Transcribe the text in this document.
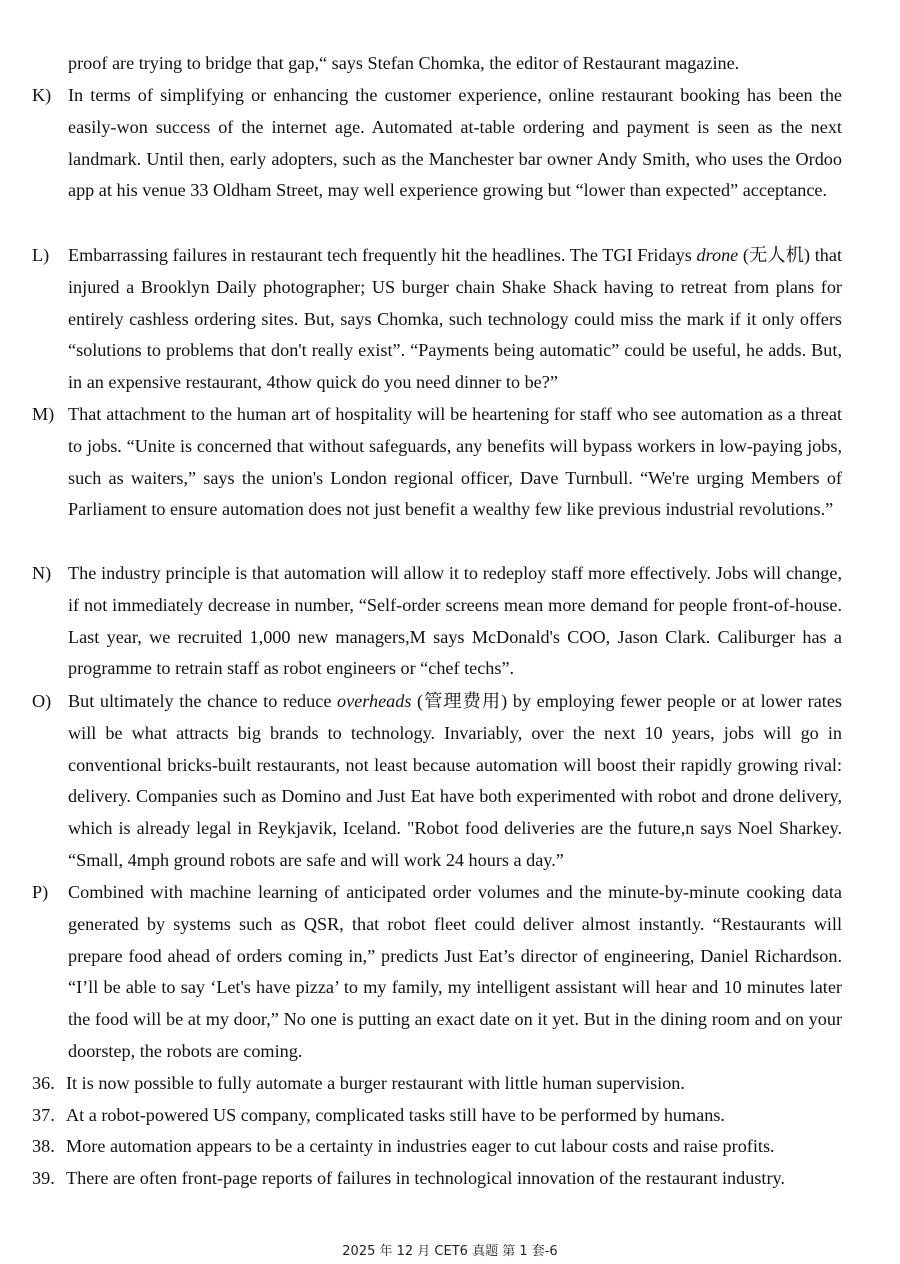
proof are trying to bridge that gap,“ says Stefan Chomka, the editor of Restaurant magazine.
K) In terms of simplifying or enhancing the customer experience, online restaurant booking has been the easily-won success of the internet age. Automated at-table ordering and payment is seen as the next landmark. Until then, early adopters, such as the Manchester bar owner Andy Smith, who uses the Ordoo app at his venue 33 Oldham Street, may well experience growing but “lower than expected” acceptance.
L)	Embarrassing failures in restaurant tech frequently hit the headlines. The TGI Fridays drone (无人机) that injured a Brooklyn Daily photographer; US burger chain Shake Shack having to retreat from plans for entirely cashless ordering sites. But, says Chomka, such technology could miss the mark if it only offers “solutions to problems that don't really exist”. “Payments being automatic” could be useful, he adds. But, in an expensive restaurant, 4thow quick do you need dinner to be?”
M) That attachment to the human art of hospitality will be heartening for staff who see automation as a threat to jobs. “Unite is concerned that without safeguards, any benefits will bypass workers in low-paying jobs, such as waiters,” says the union's London regional officer, Dave Turnbull. “We're urging Members of Parliament to ensure automation does not just benefit a wealthy few like previous industrial revolutions.”
N) The industry principle is that automation will allow it to redeploy staff more effectively. Jobs will change, if not immediately decrease in number, “Self-order screens mean more demand for people front-of-house. Last year, we recruited 1,000 new managers,M says McDonald's COO, Jason Clark. Caliburger has a programme to retrain staff as robot engineers or “chef techs”.
O) But ultimately the chance to reduce overheads (管理费用) by employing fewer people or at lower rates will be what attracts big brands to technology. Invariably, over the next 10 years, jobs will go in conventional bricks-built restaurants, not least because automation will boost their rapidly growing rival: delivery. Companies such as Domino and Just Eat have both experimented with robot and drone delivery, which is already legal in Reykjavik, Iceland. "Robot food deliveries are the future,n says Noel Sharkey. “Small, 4mph ground robots are safe and will work 24 hours a day.”
P)	Combined with machine learning of anticipated order volumes and the minute-by-minute cooking data generated by systems such as QSR, that robot fleet could deliver almost instantly. “Restaurants will prepare food ahead of orders coming in,” predicts Just Eat’s director of engineering, Daniel Richardson. “I’ll be able to say ‘Let's have pizza’ to my family, my intelligent assistant will hear and 10 minutes later the food will be at my door,” No one is putting an exact date on it yet. But in the dining room and on your doorstep, the robots are coming.
36. It is now possible to fully automate a burger restaurant with little human supervision.
37. At a robot-powered US company, complicated tasks still have to be performed by humans.
38. More automation appears to be a certainty in industries eager to cut labour costs and raise profits.
39. There are often front-page reports of failures in technological innovation of the restaurant industry.
2025 年 12 月 CET6 真题 第 1 套-6
